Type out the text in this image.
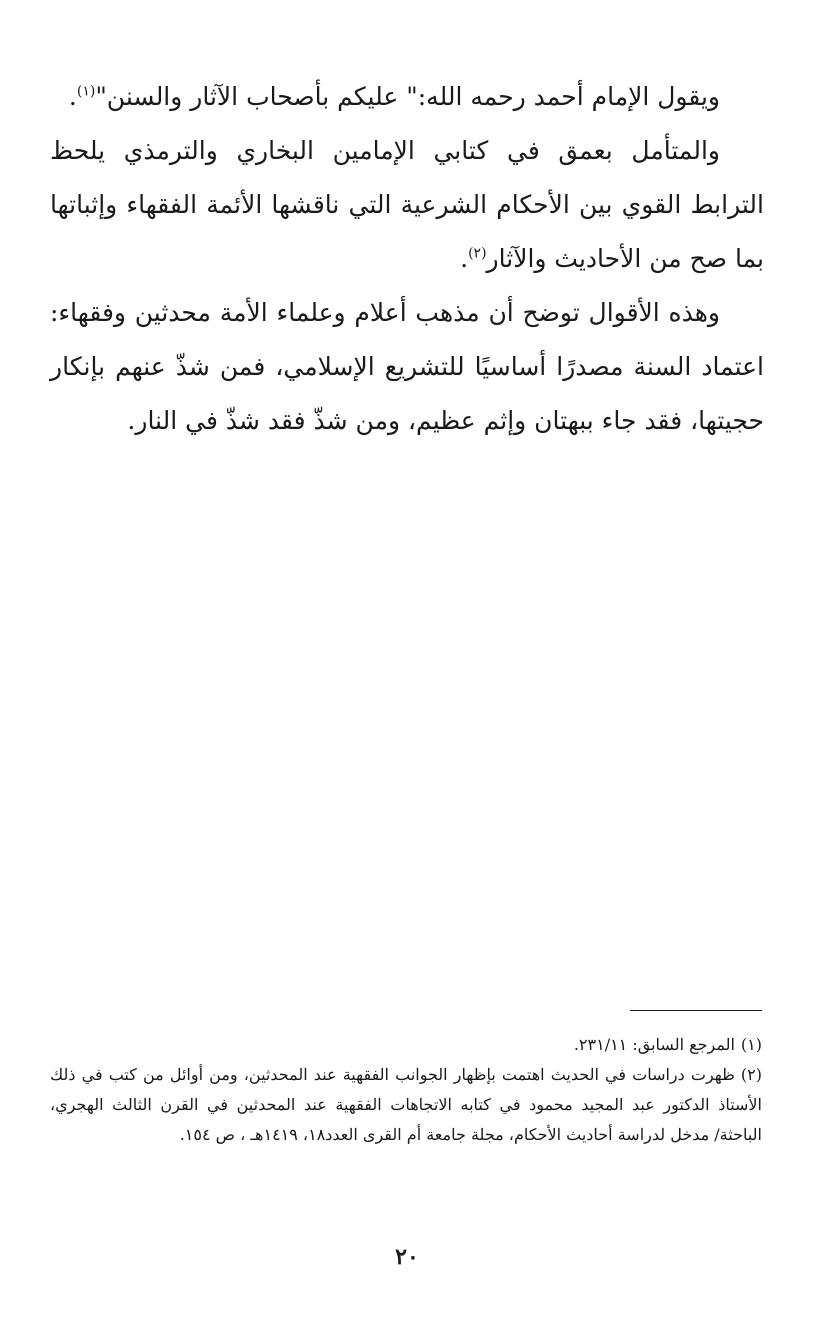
ويقول الإمام أحمد رحمه الله:" عليكم بأصحاب الآثار والسنن"$^{(١)}$.

والمتأمل بعمق في كتابي الإمامين البخاري والترمذي يلحظ الترابط القوي بين الأحكام الشرعية التي ناقشها الأئمة الفقهاء وإثباتها بما صح من الأحاديث والآثار$^{(٢)}$.

وهذه الأقوال توضح أن مذهب أعلام وعلماء الأمة محدثين وفقهاء: اعتماد السنة مصدرًا أساسيًا للتشريع الإسلامي، فمن شذّ عنهم بإنكار حجيتها، فقد جاء ببهتان وإثم عظيم، ومن شذّ فقد شذّ في النار.

(١)المرجع السابق: ٢٣١/١١.

(٢)ظهرت دراسات في الحديث اهتمت بإظهار الجوانب الفقهية عند المحدثين، ومن أوائل من كتب في ذلك الأستاذ الدكتور عبد المجيد محمود في كتابه الاتجاهات الفقهية عند المحدثين في القرن الثالث الهجري، الباحثة/ مدخل لدراسة أحاديث الأحكام، مجلة جامعة أم القرى العدد١٨، ١٤١٩هـ ، ص ١٥٤.

٢٠
